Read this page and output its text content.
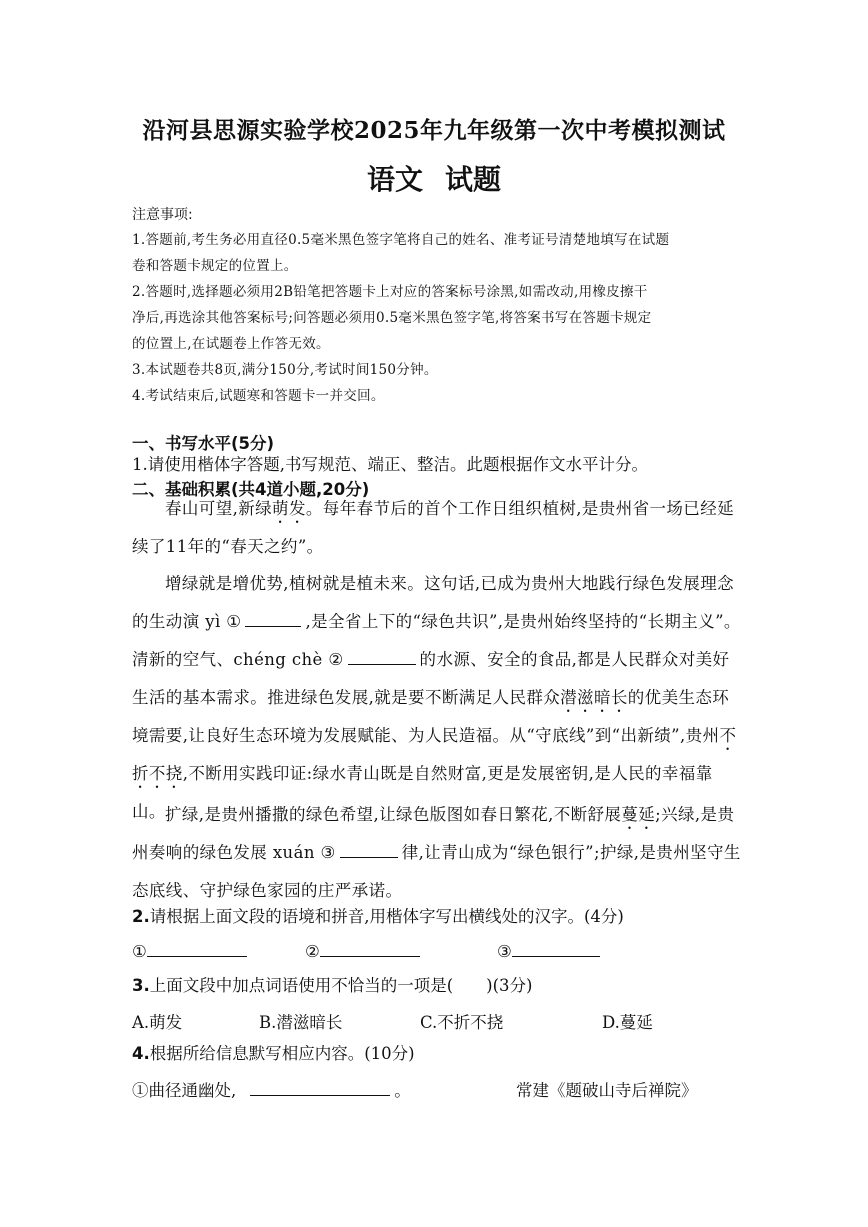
沿河县思源实验学校2025年九年级第一次中考模拟测试
语文 试题
注意事项:
1.答题前,考生务必用直径0.5毫米黑色签字笔将自己的姓名、准考证号清楚地填写在试题
卷和答题卡规定的位置上。
2.答题时,选择题必须用2B铅笔把答题卡上对应的答案标号涂黑,如需改动,用橡皮擦干
净后,再选涂其他答案标号;问答题必须用0.5毫米黑色签字笔,将答案书写在答题卡规定
的位置上,在试题卷上作答无效。
3.本试题卷共8页,满分150分,考试时间150分钟。
4.考试结束后,试题寒和答题卡一并交回。
一、书写水平(5分)
1.请使用楷体字答题,书写规范、端正、整洁。此题根据作文水平计分。
二、基础积累(共4道小题,20分)
春山可望,新绿萌发。每年春节后的首个工作日组织植树,是贵州省一场已经延续了11年的“春天之约”。
增绿就是增优势,植树就是植未来。这句话,已成为贵州大地践行绿色发展理念的生动演 yì ①	,是全省上下的“绿色共识”,是贵州始终坚持的“长期主义”。清新的空气、chéng chè ②	的水源、安全的食品,都是人民群众对美好生活的基本需求。推进绿色发展,就是要不断满足人民群众潜滋暗长的优美生态环境需要,让良好生态环境为发展赋能、为人民造福。从“守底线”到“出新绩”,贵州不折不挠,不断用实践印证:绿水青山既是自然财富,更是发展密钥,是人民的幸福靠山。 扩绿,是贵州播撒的绿色希望,让绿色版图如春日繁花,不断舒展蔓延;兴绿,是贵州奏响的绿色发展 xuán ③	律,让青山成为“绿色银行”;护绿,是贵州坚守生态底线、守护绿色家园的庄严承诺。
2.请根据上面文段的语境和拼音,用楷体字写出横线处的汉字。(4分)
①	②	③
3.上面文段中加点词语使用不恰当的一项是(　　)(3分)
A.萌发	B.潜滋暗长	C.不折不挠	D.蔓延
4.根据所给信息默写相应内容。(10分)
①曲径通幽处,	。	常建《题破山寺后禅院》
